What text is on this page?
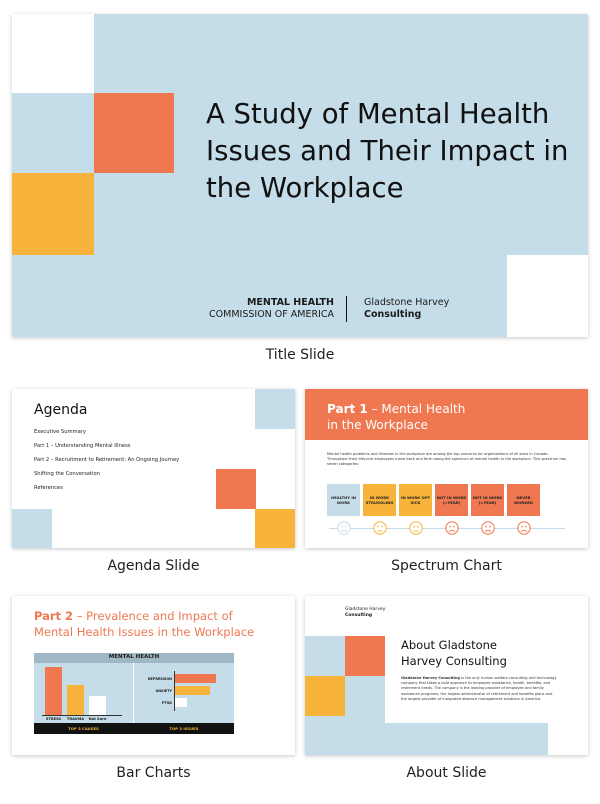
A Study of Mental Health Issues and Their Impact in the Workplace
MENTAL HEALTH
COMMISSION OF AMERICA
Gladstone Harvey
Consulting
Title Slide
Agenda
Executive Summary
Part 1 – Understanding Mental Illness
Part 2 – Recruitment to Retirement: An Ongoing Journey
Shifting the Conversation
References
Agenda Slide
Part 1 – Mental Health
in the Workplace
Mental health problems and illnesses in the workplace are among the top concerns for organizations of all sizes in Canada. Throughout their lifecycle employees move back and forth along the spectrum of mental health in the workplace. This spectrum has seven categories:
HEALTHY IN WORK
IN WORK STRUGGLING
IN WORK OFF SICK
NOT IN WORK (<YEAR)
NOT IN WORK (>YEAR)
NEVER WORKED
Spectrum Chart
Part 2 – Prevalence and Impact of
Mental Health Issues in the Workplace
MENTAL HEALTH
TOP 3 CAUSES	TOP 3 ISSUES
STRESS	TRAUMA	Not Sure
DEPRESSION
ANXIETY
PTSD
Bar Charts
Gladstone Harvey
Consulting
About Gladstone Harvey Consulting
Gladstone Harvey Consulting is the only human welfare consulting and technology company that takes a bold approach to employee assistance, health, benefits, and retirement needs. The company is the leading provider of employee and family assistance programs, the largest administrator of retirement and benefits plans and the largest provider of integrated absence management solutions in America.
About Slide
